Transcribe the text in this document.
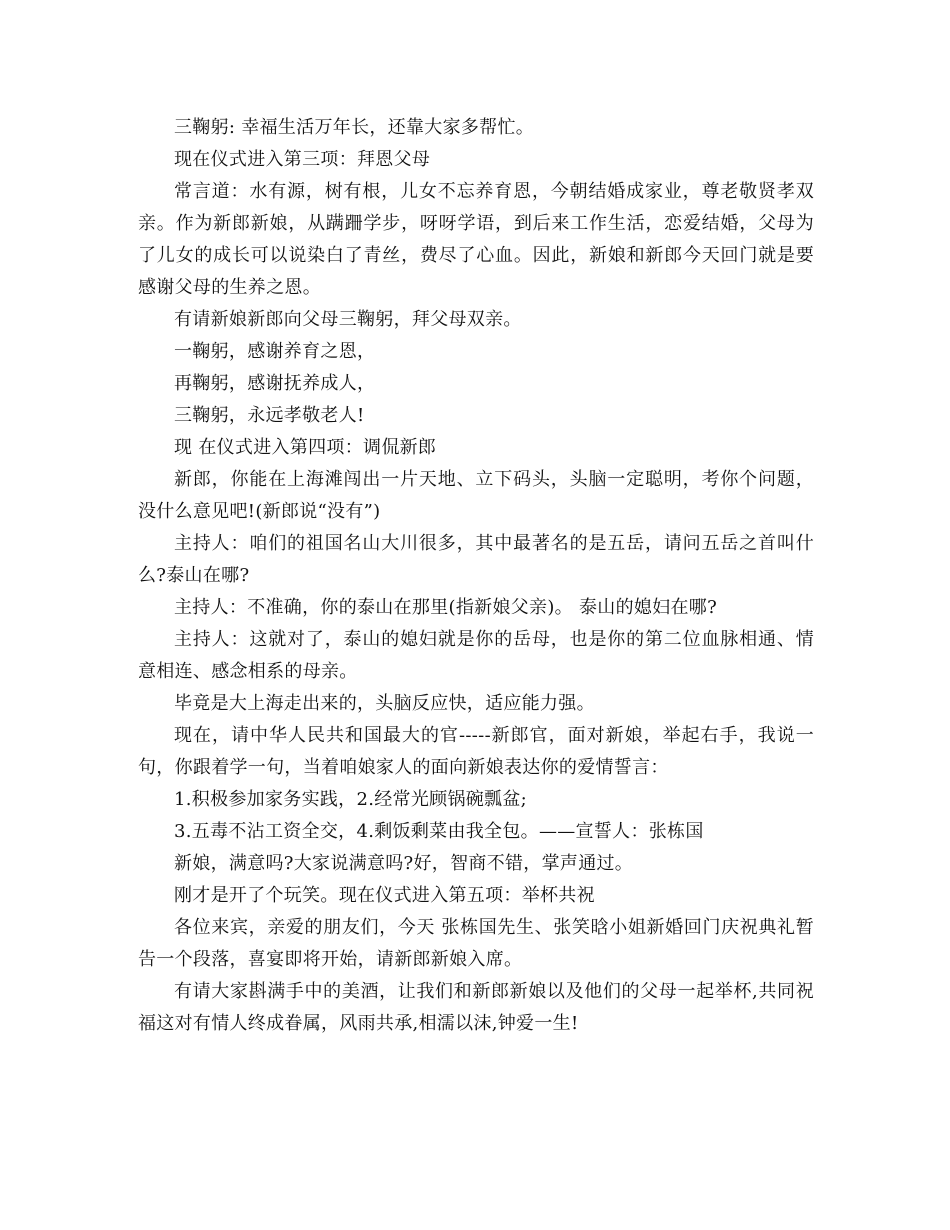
三鞠躬: 幸福生活万年长，还靠大家多帮忙。

现在仪式进入第三项：拜恩父母

常言道：水有源，树有根，儿女不忘养育恩，今朝结婚成家业，尊老敬贤孝双亲。作为新郎新娘，从蹒跚学步，呀呀学语，到后来工作生活，恋爱结婚，父母为了儿女的成长可以说染白了青丝，费尽了心血。因此，新娘和新郎今天回门就是要感谢父母的生养之恩。

有请新娘新郎向父母三鞠躬，拜父母双亲。

一鞠躬，感谢养育之恩，

再鞠躬，感谢抚养成人，

三鞠躬，永远孝敬老人!

现 在仪式进入第四项：调侃新郎

新郎，你能在上海滩闯出一片天地、立下码头，头脑一定聪明，考你个问题，没什么意见吧!(新郎说“没有”)

主持人：咱们的祖国名山大川很多，其中最著名的是五岳，请问五岳之首叫什么?泰山在哪?

主持人：不准确，你的泰山在那里(指新娘父亲)。 泰山的媳妇在哪?

主持人：这就对了，泰山的媳妇就是你的岳母，也是你的第二位血脉相通、情意相连、感念相系的母亲。

毕竟是大上海走出来的，头脑反应快，适应能力强。

现在，请中华人民共和国最大的官-----新郎官，面对新娘，举起右手，我说一句，你跟着学一句，当着咱娘家人的面向新娘表达你的爱情誓言：

1.积极参加家务实践，2.经常光顾锅碗瓢盆;

3.五毒不沾工资全交，4.剩饭剩菜由我全包。——宣誓人：张栋国

新娘，满意吗?大家说满意吗?好，智商不错，掌声通过。

刚才是开了个玩笑。现在仪式进入第五项：举杯共祝

各位来宾，亲爱的朋友们，今天 张栋国先生、张笑晗小姐新婚回门庆祝典礼暂告一个段落，喜宴即将开始，请新郎新娘入席。

有请大家斟满手中的美酒，让我们和新郎新娘以及他们的父母一起举杯,共同祝福这对有情人终成眷属，风雨共承,相濡以沫,钟爱一生!
